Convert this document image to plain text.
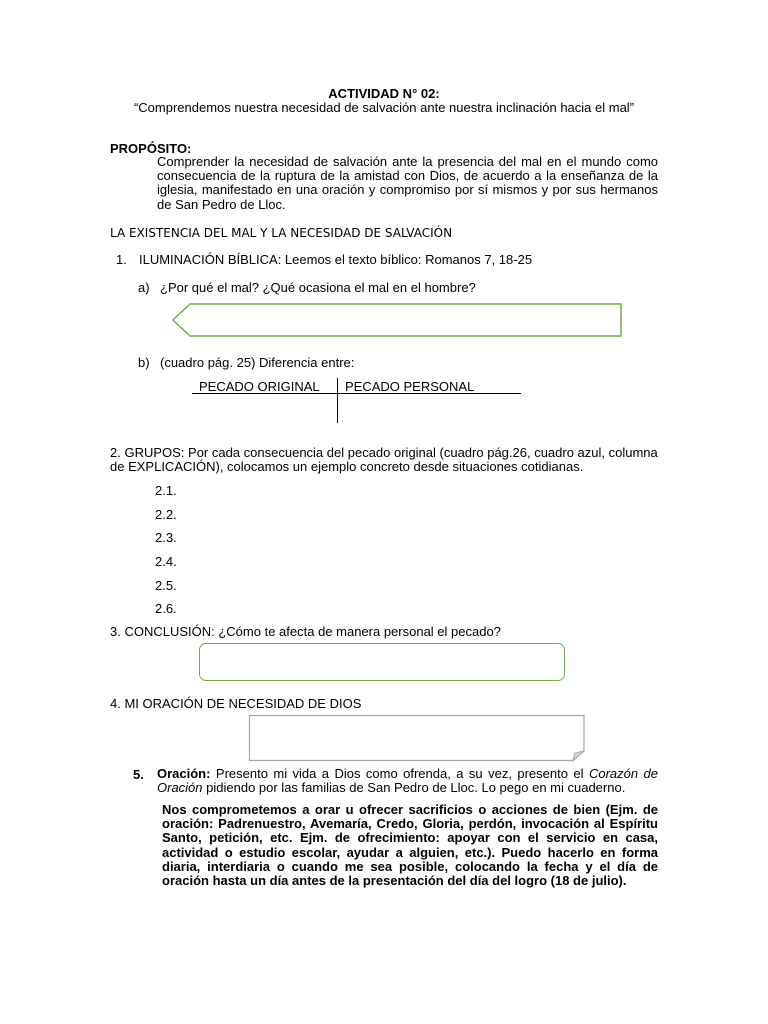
ACTIVIDAD N° 02:
“Comprendemos nuestra necesidad de salvación ante nuestra inclinación hacia el mal”
PROPÓSITO:
Comprender la necesidad de salvación ante la presencia del mal en el mundo como consecuencia de la ruptura de la amistad con Dios, de acuerdo a la enseñanza de la iglesia, manifestado en una oración y compromiso por sí mismos y por sus hermanos de San Pedro de Lloc.
LA EXISTENCIA DEL MAL Y LA NECESIDAD DE SALVACIÓN
1. ILUMINACIÓN BÍBLICA: Leemos el texto bíblico: Romanos 7, 18-25
a) ¿Por qué el mal? ¿Qué ocasiona el mal en el hombre?
b) (cuadro pág. 25) Diferencia entre:
PECADO ORIGINAL PECADO PERSONAL
2. GRUPOS: Por cada consecuencia del pecado original (cuadro pág.26, cuadro azul, columna de EXPLICACIÓN), colocamos un ejemplo concreto desde situaciones cotidianas.
2.1.
2.2.
2.3.
2.4.
2.5.
2.6.
3. CONCLUSIÓN: ¿Cómo te afecta de manera personal el pecado?
4. MI ORACIÓN DE NECESIDAD DE DIOS
5. Oración: Presento mi vida a Dios como ofrenda, a su vez, presento el Corazón de Oración pidiendo por las familias de San Pedro de Lloc. Lo pego en mi cuaderno.
Nos comprometemos a orar u ofrecer sacrificios o acciones de bien (Ejm. de oración: Padrenuestro, Avemaría, Credo, Gloria, perdón, invocación al Espíritu Santo, petición, etc. Ejm. de ofrecimiento: apoyar con el servicio en casa, actividad o estudio escolar, ayudar a alguien, etc.). Puedo hacerlo en forma diaria, interdiaria o cuando me sea posible, colocando la fecha y el día de oración hasta un día antes de la presentación del día del logro (18 de julio).
